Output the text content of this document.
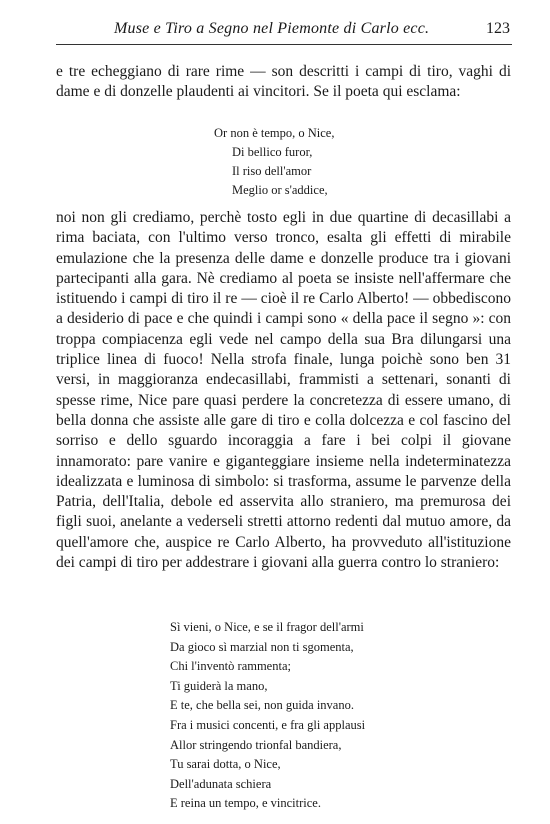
Muse e Tiro a Segno nel Piemonte di Carlo ecc.	123
e tre echeggiano di rare rime — son descritti i campi di tiro, vaghi di dame e di donzelle plaudenti ai vincitori. Se il poeta qui esclama:
Or non è tempo, o Nice,
Di bellico furor,
Il riso dell'amor
Meglio or s'addice,
noi non gli crediamo, perchè tosto egli in due quartine di decasillabi a rima baciata, con l'ultimo verso tronco, esalta gli effetti di mirabile emulazione che la presenza delle dame e donzelle produce tra i giovani partecipanti alla gara. Nè crediamo al poeta se insiste nell'affermare che istituendo i campi di tiro il re — cioè il re Carlo Alberto! — obbediscono a desiderio di pace e che quindi i campi sono « della pace il segno »: con troppa compiacenza egli vede nel campo della sua Bra dilungarsi una triplice linea di fuoco! Nella strofa finale, lunga poichè sono ben 31 versi, in maggioranza endecasillabi, frammisti a settenari, sonanti di spesse rime, Nice pare quasi perdere la concretezza di essere umano, di bella donna che assiste alle gare di tiro e colla dolcezza e col fascino del sorriso e dello sguardo incoraggia a fare i bei colpi il giovane innamorato: pare vanire e giganteggiare insieme nella indeterminatezza idealizzata e luminosa di simbolo: si trasforma, assume le parvenze della Patria, dell'Italia, debole ed asservita allo straniero, ma premurosa dei figli suoi, anelante a vederseli stretti attorno redenti dal mutuo amore, da quell'amore che, auspice re Carlo Alberto, ha provveduto all'istituzione dei campi di tiro per addestrare i giovani alla guerra contro lo straniero:
Sì vieni, o Nice, e se il fragor dell'armi
Da gioco sì marzial non ti sgomenta,
Chi l'inventò rammenta;
Ti guiderà la mano,
E te, che bella sei, non guida invano.
Fra i musici concenti, e fra gli applausi
Allor stringendo trionfal bandiera,
Tu sarai dotta, o Nice,
Dell'adunata schiera
E reina un tempo, e vincitrice.
